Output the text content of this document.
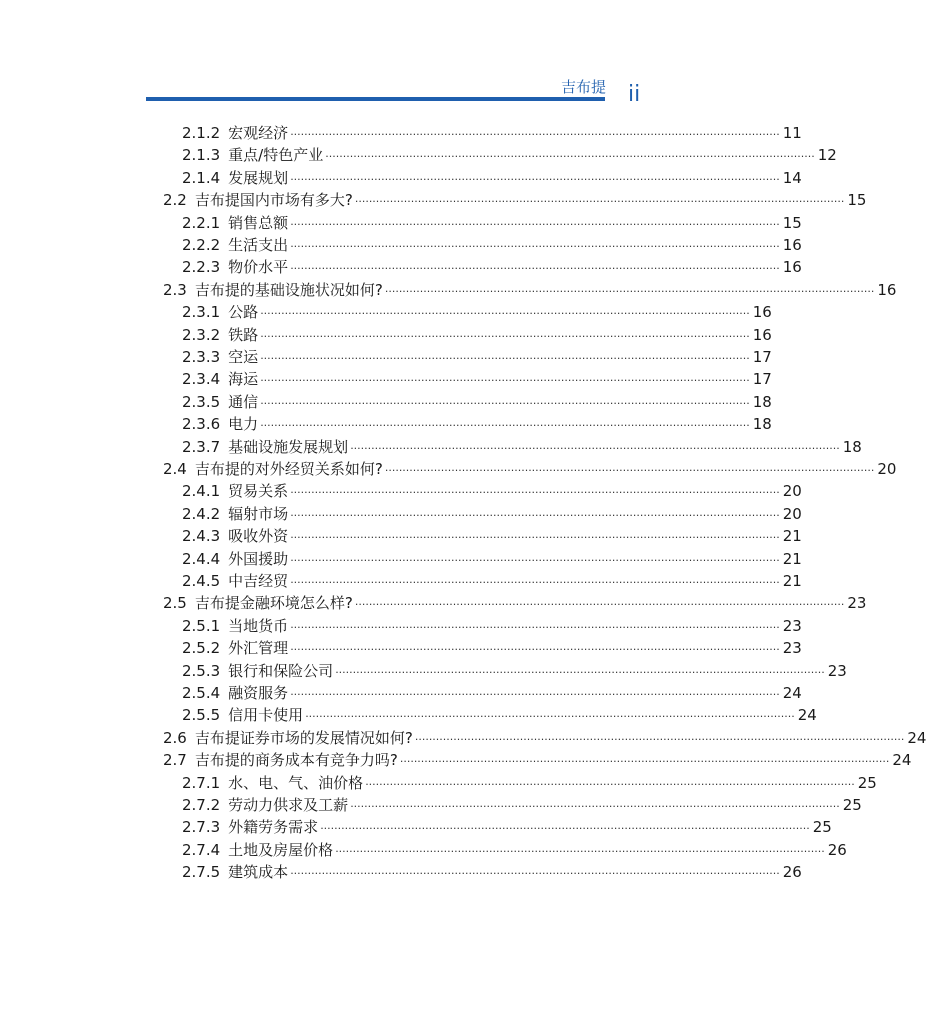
吉布提 ii
2.1.2 宏观经济 ············································································································································ 11
2.1.3 重点/特色产业 ············································································································································ 12
2.1.4 发展规划 ············································································································································ 14
2.2 吉布提国内市场有多大? ············································································································································ 15
2.2.1 销售总额 ············································································································································ 15
2.2.2 生活支出 ············································································································································ 16
2.2.3 物价水平 ············································································································································ 16
2.3 吉布提的基础设施状况如何? ············································································································································ 16
2.3.1 公路 ············································································································································ 16
2.3.2 铁路 ············································································································································ 16
2.3.3 空运 ············································································································································ 17
2.3.4 海运 ············································································································································ 17
2.3.5 通信 ············································································································································ 18
2.3.6 电力 ············································································································································ 18
2.3.7 基础设施发展规划 ············································································································································ 18
2.4 吉布提的对外经贸关系如何? ············································································································································ 20
2.4.1 贸易关系 ············································································································································ 20
2.4.2 辐射市场 ············································································································································ 20
2.4.3 吸收外资 ············································································································································ 21
2.4.4 外国援助 ············································································································································ 21
2.4.5 中吉经贸 ············································································································································ 21
2.5 吉布提金融环境怎么样? ············································································································································ 23
2.5.1 当地货币 ············································································································································ 23
2.5.2 外汇管理 ············································································································································ 23
2.5.3 银行和保险公司 ············································································································································ 23
2.5.4 融资服务 ············································································································································ 24
2.5.5 信用卡使用 ············································································································································ 24
2.6 吉布提证券市场的发展情况如何? ············································································································································ 24
2.7 吉布提的商务成本有竞争力吗? ············································································································································ 24
2.7.1 水、电、气、油价格 ············································································································································ 25
2.7.2 劳动力供求及工薪 ············································································································································ 25
2.7.3 外籍劳务需求 ············································································································································ 25
2.7.4 土地及房屋价格 ············································································································································ 26
2.7.5 建筑成本 ············································································································································ 26
